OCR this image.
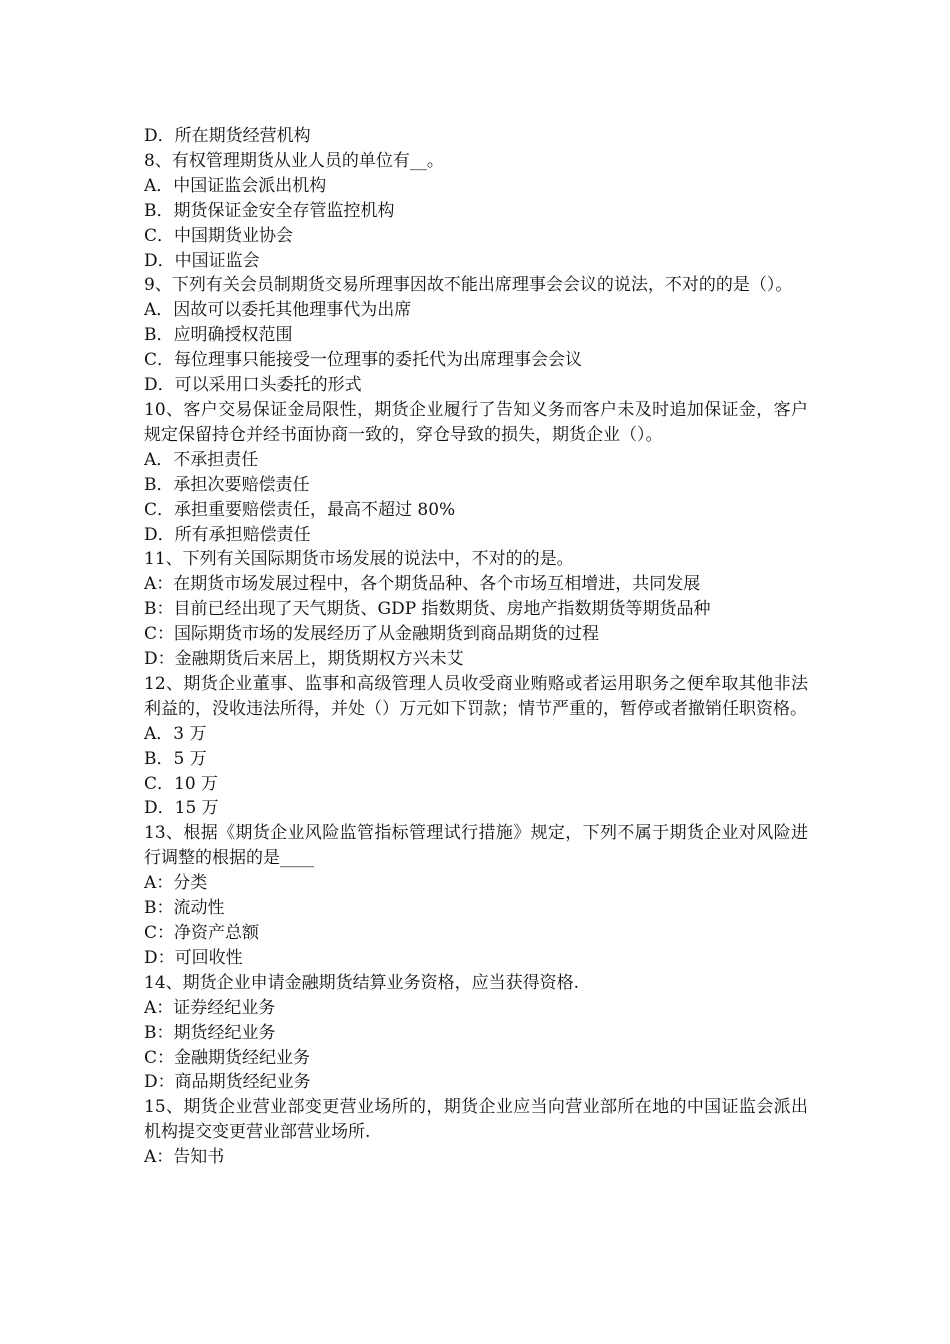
D．所在期货经营机构

8、有权管理期货从业人员的单位有__。

A．中国证监会派出机构

B．期货保证金安全存管监控机构

C．中国期货业协会

D．中国证监会

9、下列有关会员制期货交易所理事因故不能出席理事会会议的说法，不对的的是（）。

A．因故可以委托其他理事代为出席

B．应明确授权范围

C．每位理事只能接受一位理事的委托代为出席理事会会议

D．可以采用口头委托的形式

10、客户交易保证金局限性，期货企业履行了告知义务而客户未及时追加保证金，客户规定保留持仓并经书面协商一致的，穿仓导致的损失，期货企业（）。

A．不承担责任

B．承担次要赔偿责任

C．承担重要赔偿责任，最高不超过 80%

D．所有承担赔偿责任

11、下列有关国际期货市场发展的说法中，不对的的是。

A：在期货市场发展过程中，各个期货品种、各个市场互相增进，共同发展

B：目前已经出现了天气期货、GDP 指数期货、房地产指数期货等期货品种

C：国际期货市场的发展经历了从金融期货到商品期货的过程

D：金融期货后来居上，期货期权方兴未艾

12、期货企业董事、监事和高级管理人员收受商业贿赂或者运用职务之便牟取其他非法利益的，没收违法所得，并处（）万元如下罚款；情节严重的，暂停或者撤销任职资格。

A．3 万

B．5 万

C．10 万

D．15 万

13、根据《期货企业风险监管指标管理试行措施》规定，下列不属于期货企业对风险进行调整的根据的是____

A：分类

B：流动性

C：净资产总额

D：可回收性

14、期货企业申请金融期货结算业务资格，应当获得资格.

A：证券经纪业务

B：期货经纪业务

C：金融期货经纪业务

D：商品期货经纪业务

15、期货企业营业部变更营业场所的，期货企业应当向营业部所在地的中国证监会派出机构提交变更营业部营业场所.

A：告知书
